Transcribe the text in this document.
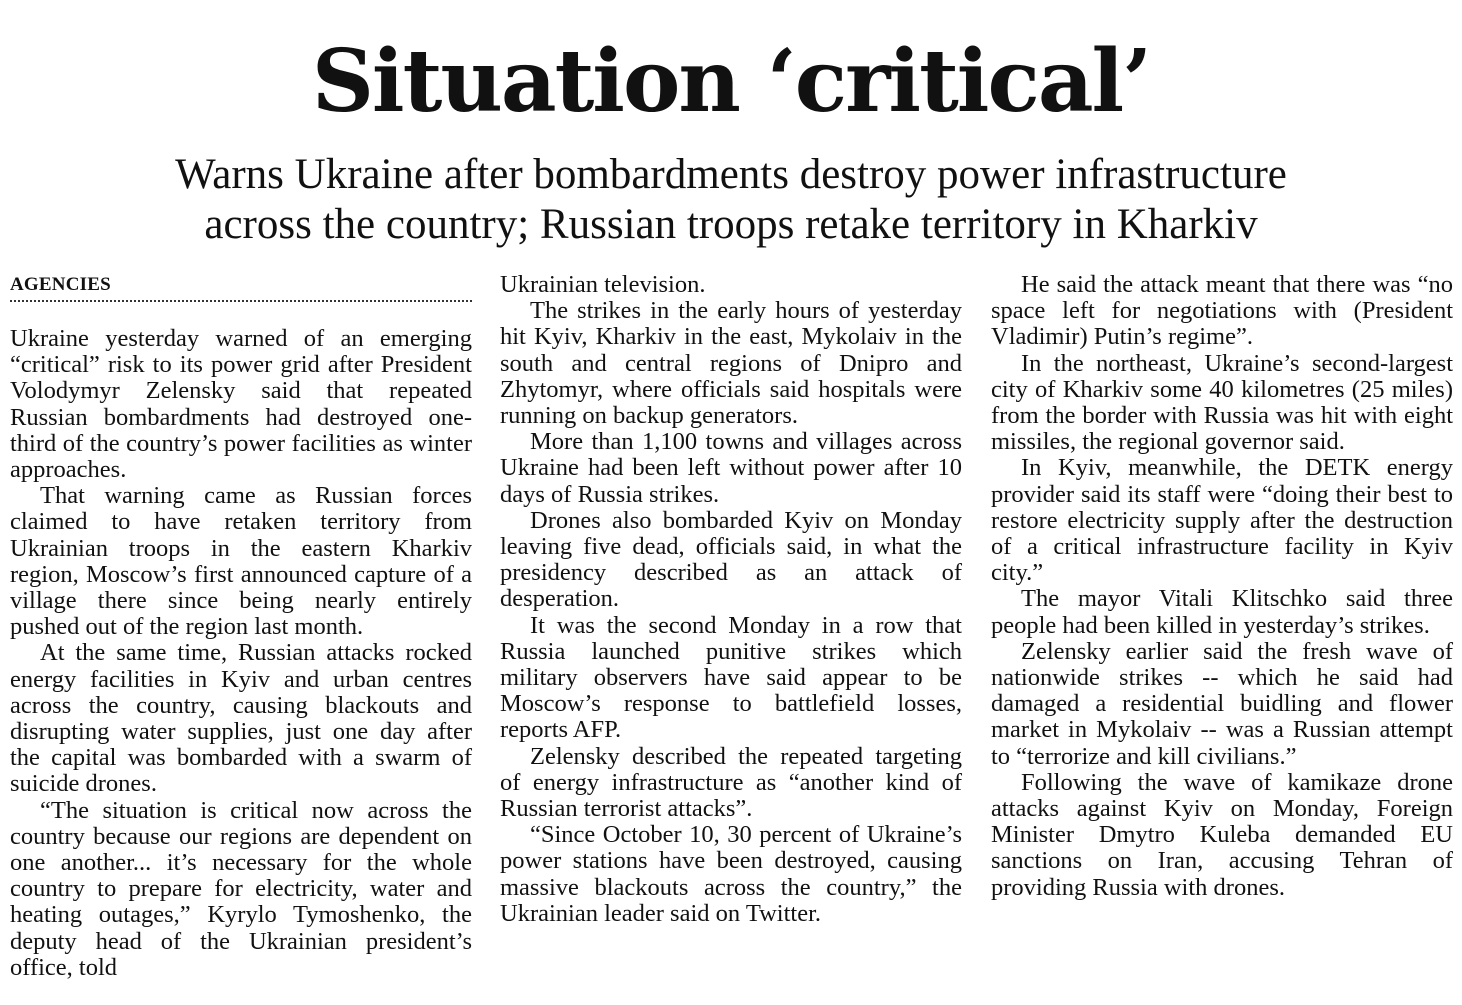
Situation ‘critical’
Warns Ukraine after bombardments destroy power infrastructure
across the country; Russian troops retake territory in Kharkiv
AGENCIES

Ukraine yesterday warned of an emerging “critical” risk to its power grid after President Volodymyr Zelensky said that repeated Russian bombardments had destroyed one-third of the country’s power facilities as winter approaches.

That warning came as Russian forces claimed to have retaken territory from Ukrainian troops in the eastern Kharkiv region, Moscow’s first announced capture of a village there since being nearly entirely pushed out of the region last month.

At the same time, Russian attacks rocked energy facilities in Kyiv and urban centres across the country, causing blackouts and disrupting water supplies, just one day after the capital was bombarded with a swarm of suicide drones.

“The situation is critical now across the country because our regions are dependent on one another... it’s necessary for the whole country to prepare for electricity, water and heating outages,” Kyrylo Tymoshenko, the deputy head of the Ukrainian president’s office, told

Ukrainian television.

The strikes in the early hours of yesterday hit Kyiv, Kharkiv in the east, Mykolaiv in the south and central regions of Dnipro and Zhytomyr, where officials said hospitals were running on backup generators.

More than 1,100 towns and villages across Ukraine had been left without power after 10 days of Russia strikes.

Drones also bombarded Kyiv on Monday leaving five dead, officials said, in what the presidency described as an attack of desperation.

It was the second Monday in a row that Russia launched punitive strikes which military observers have said appear to be Moscow’s response to battlefield losses, reports AFP.

Zelensky described the repeated targeting of energy infrastructure as “another kind of Russian terrorist attacks”.

“Since October 10, 30 percent of Ukraine’s power stations have been destroyed, causing massive blackouts across the country,” the Ukrainian leader said on Twitter.

He said the attack meant that there was “no space left for negotiations with (President Vladimir) Putin’s regime”.

In the northeast, Ukraine’s second-largest city of Kharkiv some 40 kilometres (25 miles) from the border with Russia was hit with eight missiles, the regional governor said.

In Kyiv, meanwhile, the DETK energy provider said its staff were “doing their best to restore electricity supply after the destruction of a critical infrastructure facility in Kyiv city.”

The mayor Vitali Klitschko said three people had been killed in yesterday’s strikes.

Zelensky earlier said the fresh wave of nationwide strikes -- which he said had damaged a residential buidling and flower market in Mykolaiv -- was a Russian attempt to “terrorize and kill civilians.”

Following the wave of kamikaze drone attacks against Kyiv on Monday, Foreign Minister Dmytro Kuleba demanded EU sanctions on Iran, accusing Tehran of providing Russia with drones.
